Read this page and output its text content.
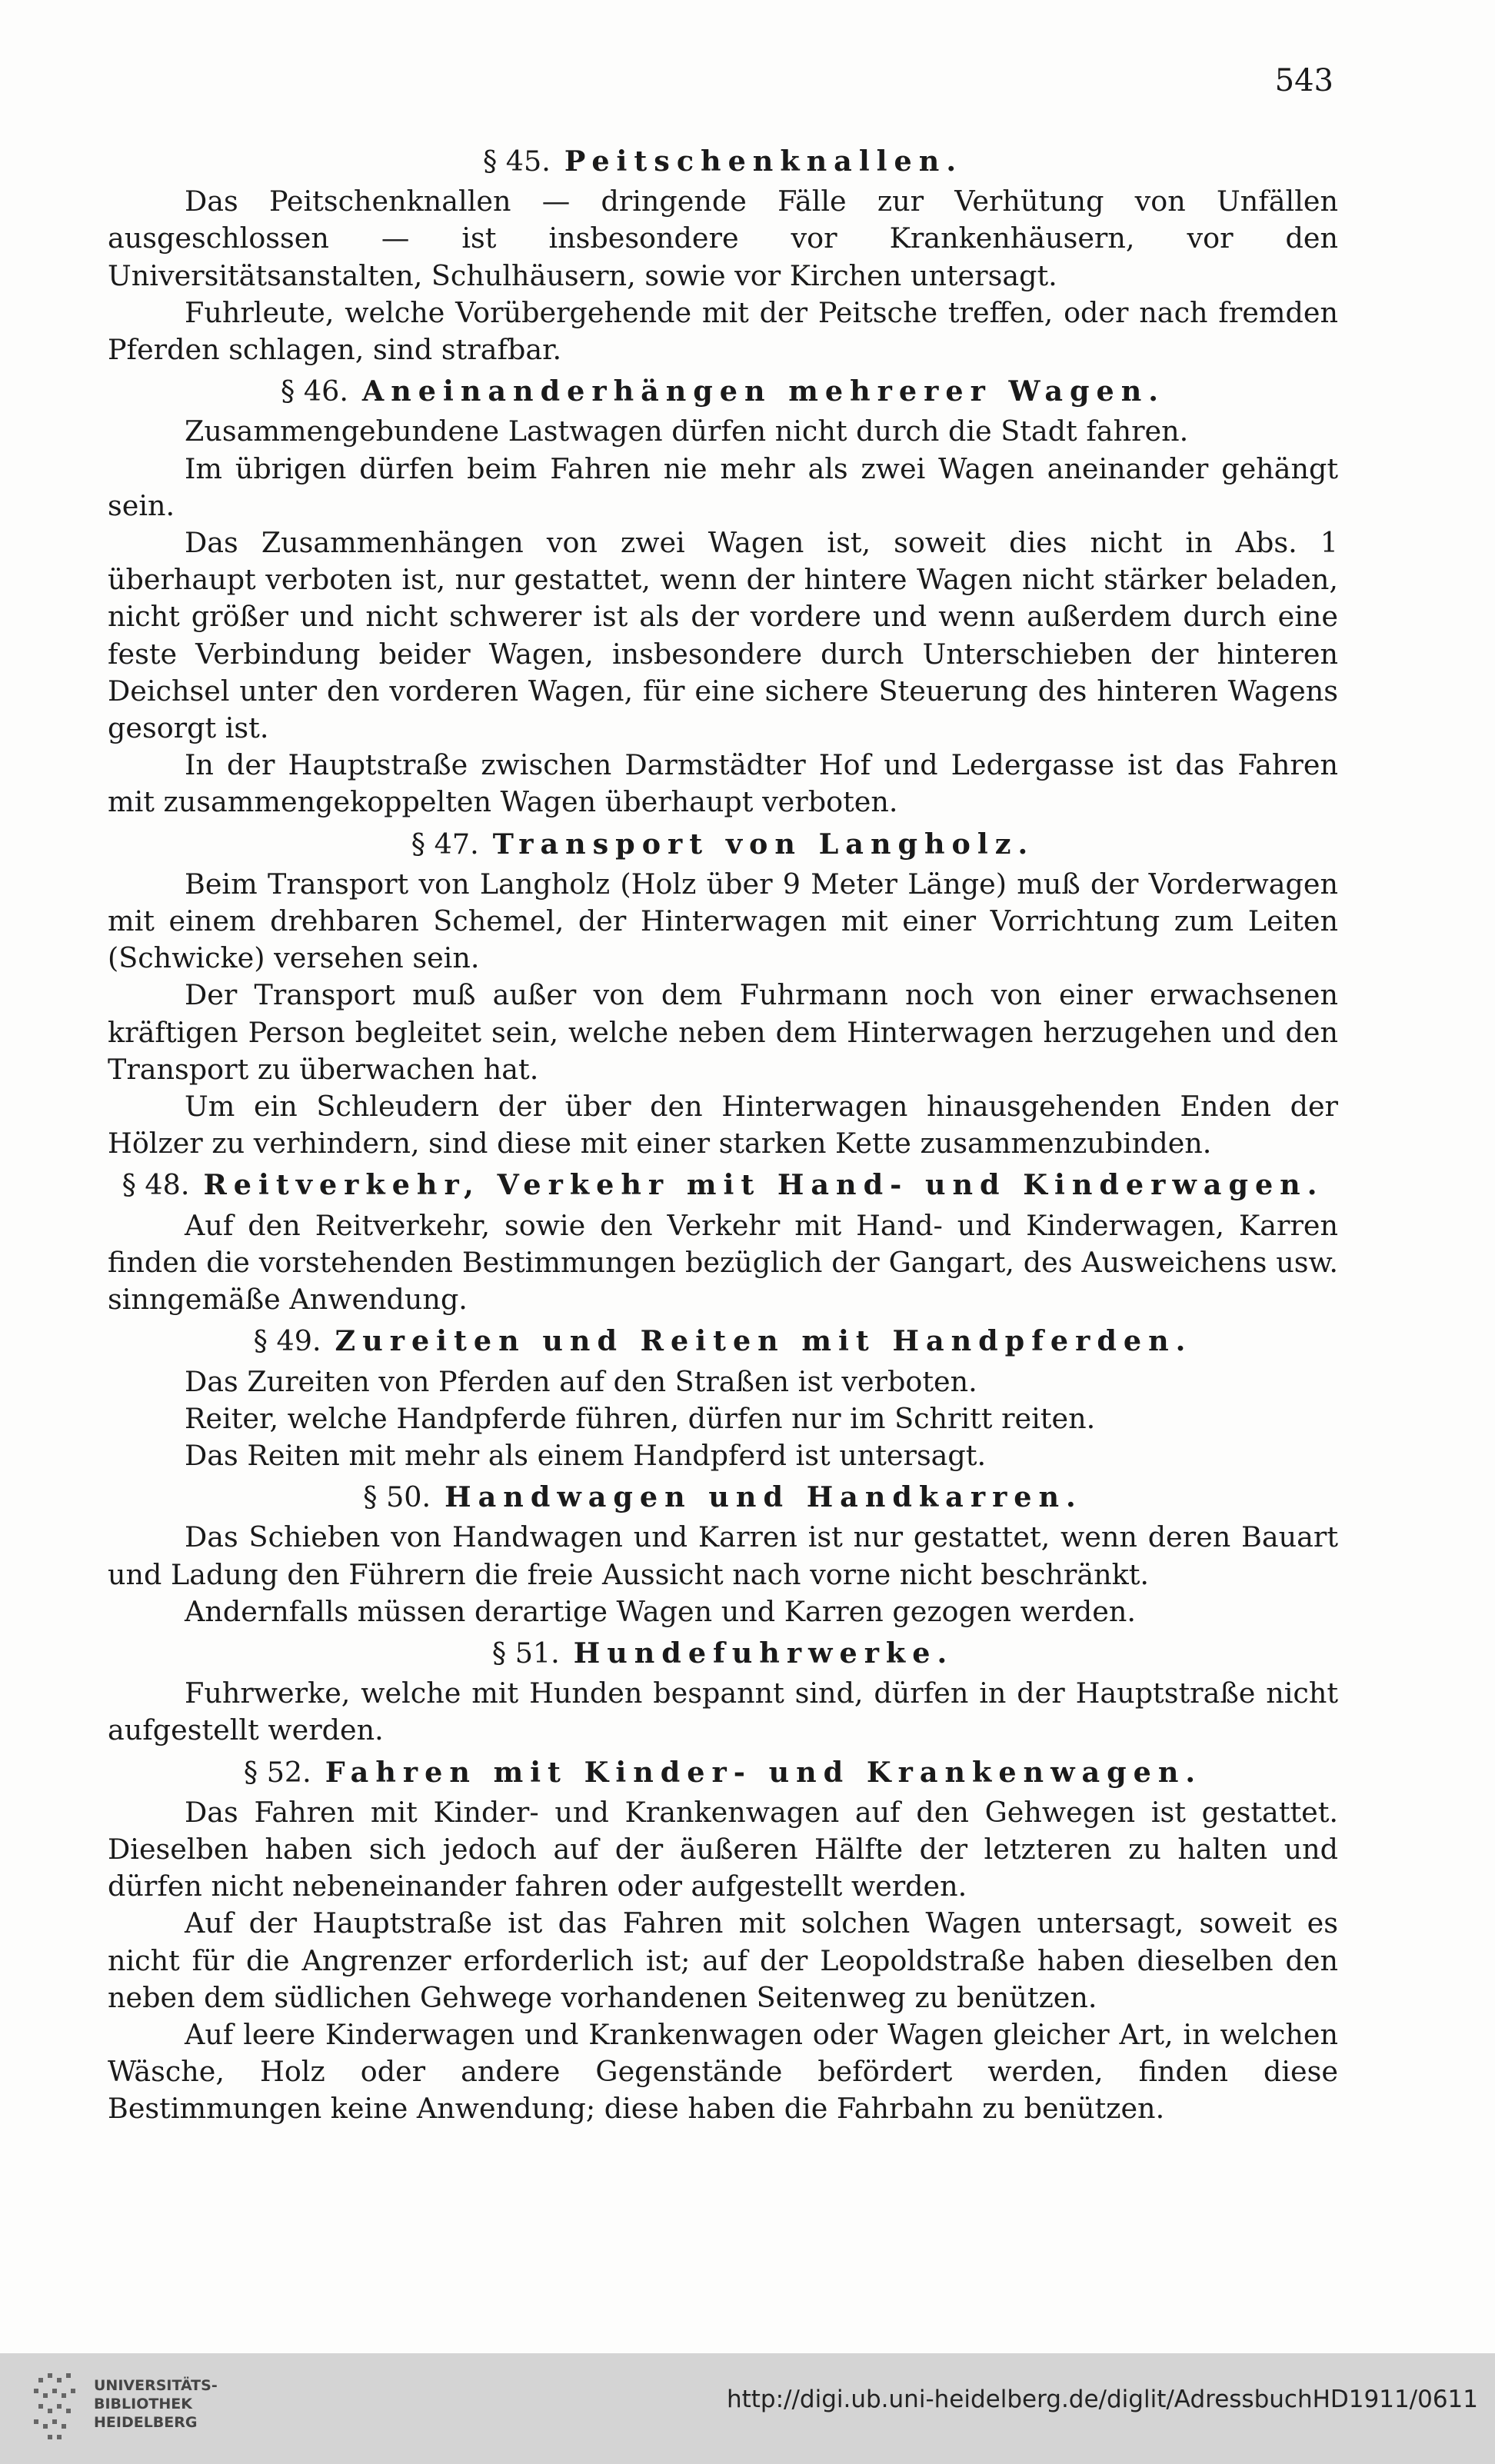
543
§ 45. Peitschenknallen.

Das Peitschenknallen — dringende Fälle zur Verhütung von Unfällen ausgeschlossen — ist insbesondere vor Krankenhäusern, vor den Universitätsanstalten, Schulhäusern, sowie vor Kirchen untersagt.

Fuhrleute, welche Vorübergehende mit der Peitsche treffen, oder nach fremden Pferden schlagen, sind strafbar.

§ 46. Aneinanderhängen mehrerer Wagen.

Zusammengebundene Lastwagen dürfen nicht durch die Stadt fahren.

Im übrigen dürfen beim Fahren nie mehr als zwei Wagen aneinander gehängt sein.

Das Zusammenhängen von zwei Wagen ist, soweit dies nicht in Abs. 1 überhaupt verboten ist, nur gestattet, wenn der hintere Wagen nicht stärker beladen, nicht größer und nicht schwerer ist als der vordere und wenn außerdem durch eine feste Verbindung beider Wagen, insbesondere durch Unterschieben der hinteren Deichsel unter den vorderen Wagen, für eine sichere Steuerung des hinteren Wagens gesorgt ist.

In der Hauptstraße zwischen Darmstädter Hof und Ledergasse ist das Fahren mit zusammengekoppelten Wagen überhaupt verboten.

§ 47. Transport von Langholz.

Beim Transport von Langholz (Holz über 9 Meter Länge) muß der Vorderwagen mit einem drehbaren Schemel, der Hinterwagen mit einer Vorrichtung zum Leiten (Schwicke) versehen sein.

Der Transport muß außer von dem Fuhrmann noch von einer erwachsenen kräftigen Person begleitet sein, welche neben dem Hinterwagen herzugehen und den Transport zu überwachen hat.

Um ein Schleudern der über den Hinterwagen hinausgehenden Enden der Hölzer zu verhindern, sind diese mit einer starken Kette zusammenzubinden.

§ 48. Reitverkehr, Verkehr mit Hand- und Kinderwagen.

Auf den Reitverkehr, sowie den Verkehr mit Hand- und Kinderwagen, Karren finden die vorstehenden Bestimmungen bezüglich der Gangart, des Ausweichens usw. sinngemäße Anwendung.

§ 49. Zureiten und Reiten mit Handpferden.

Das Zureiten von Pferden auf den Straßen ist verboten.

Reiter, welche Handpferde führen, dürfen nur im Schritt reiten.

Das Reiten mit mehr als einem Handpferd ist untersagt.

§ 50. Handwagen und Handkarren.

Das Schieben von Handwagen und Karren ist nur gestattet, wenn deren Bauart und Ladung den Führern die freie Aussicht nach vorne nicht beschränkt.

Andernfalls müssen derartige Wagen und Karren gezogen werden.

§ 51. Hundefuhrwerke.

Fuhrwerke, welche mit Hunden bespannt sind, dürfen in der Hauptstraße nicht aufgestellt werden.

§ 52. Fahren mit Kinder- und Krankenwagen.

Das Fahren mit Kinder- und Krankenwagen auf den Gehwegen ist gestattet. Dieselben haben sich jedoch auf der äußeren Hälfte der letzteren zu halten und dürfen nicht nebeneinander fahren oder aufgestellt werden.

Auf der Hauptstraße ist das Fahren mit solchen Wagen untersagt, soweit es nicht für die Angrenzer erforderlich ist; auf der Leopoldstraße haben dieselben den neben dem südlichen Gehwege vorhandenen Seitenweg zu benützen.

Auf leere Kinderwagen und Krankenwagen oder Wagen gleicher Art, in welchen Wäsche, Holz oder andere Gegenstände befördert werden, finden diese Bestimmungen keine Anwendung; diese haben die Fahrbahn zu benützen.

UNIVERSITÄTS-
BIBLIOTHEK
HEIDELBERG
http://digi.ub.uni-heidelberg.de/diglit/AdressbuchHD1911/0611
